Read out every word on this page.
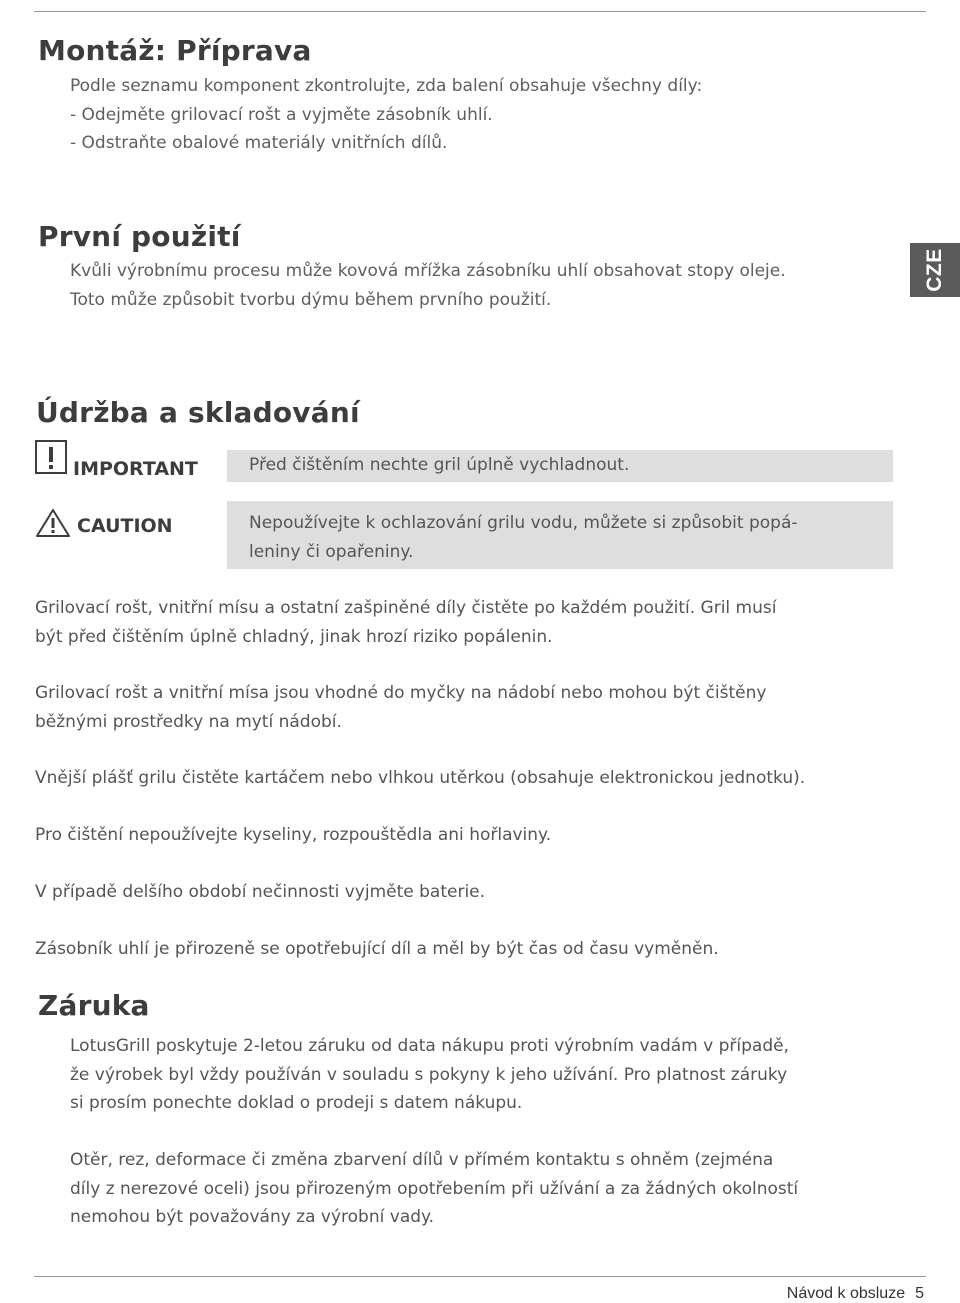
Montáž: Příprava
Podle seznamu komponent zkontrolujte, zda balení obsahuje všechny díly:
- Odejměte grilovací rošt a vyjměte zásobník uhlí.
- Odstraňte obalové materiály vnitřních dílů.
První použití
Kvůli výrobnímu procesu může kovová mřížka zásobníku uhlí obsahovat stopy oleje.
Toto může způsobit tvorbu dýmu během prvního použití.
CZE
Údržba a skladování
IMPORTANT	Před čištěním nechte gril úplně vychladnout.
CAUTION	Nepoužívejte k ochlazování grilu vodu, můžete si způsobit popá-
leniny či opařeniny.
Grilovací rošt, vnitřní mísu a ostatní zašpiněné díly čistěte po každém použití. Gril musí
být před čištěním úplně chladný, jinak hrozí riziko popálenin.
Grilovací rošt a vnitřní mísa jsou vhodné do myčky na nádobí nebo mohou být čištěny
běžnými prostředky na mytí nádobí.
Vnější plášť grilu čistěte kartáčem nebo vlhkou utěrkou (obsahuje elektronickou jednotku).
Pro čištění nepoužívejte kyseliny, rozpouštědla ani hořlaviny.
V případě delšího období nečinnosti vyjměte baterie.
Zásobník uhlí je přirozeně se opotřebující díl a měl by být čas od času vyměněn.
Záruka
LotusGrill poskytuje 2-letou záruku od data nákupu proti výrobním vadám v případě,
že výrobek byl vždy používán v souladu s pokyny k jeho užívání. Pro platnost záruky
si prosím ponechte doklad o prodeji s datem nákupu.
Otěr, rez, deformace či změna zbarvení dílů v přímém kontaktu s ohněm (zejména
díly z nerezové oceli) jsou přirozeným opotřebením při užívání a za žádných okolností
nemohou být považovány za výrobní vady.
Návod k obsluze 5
